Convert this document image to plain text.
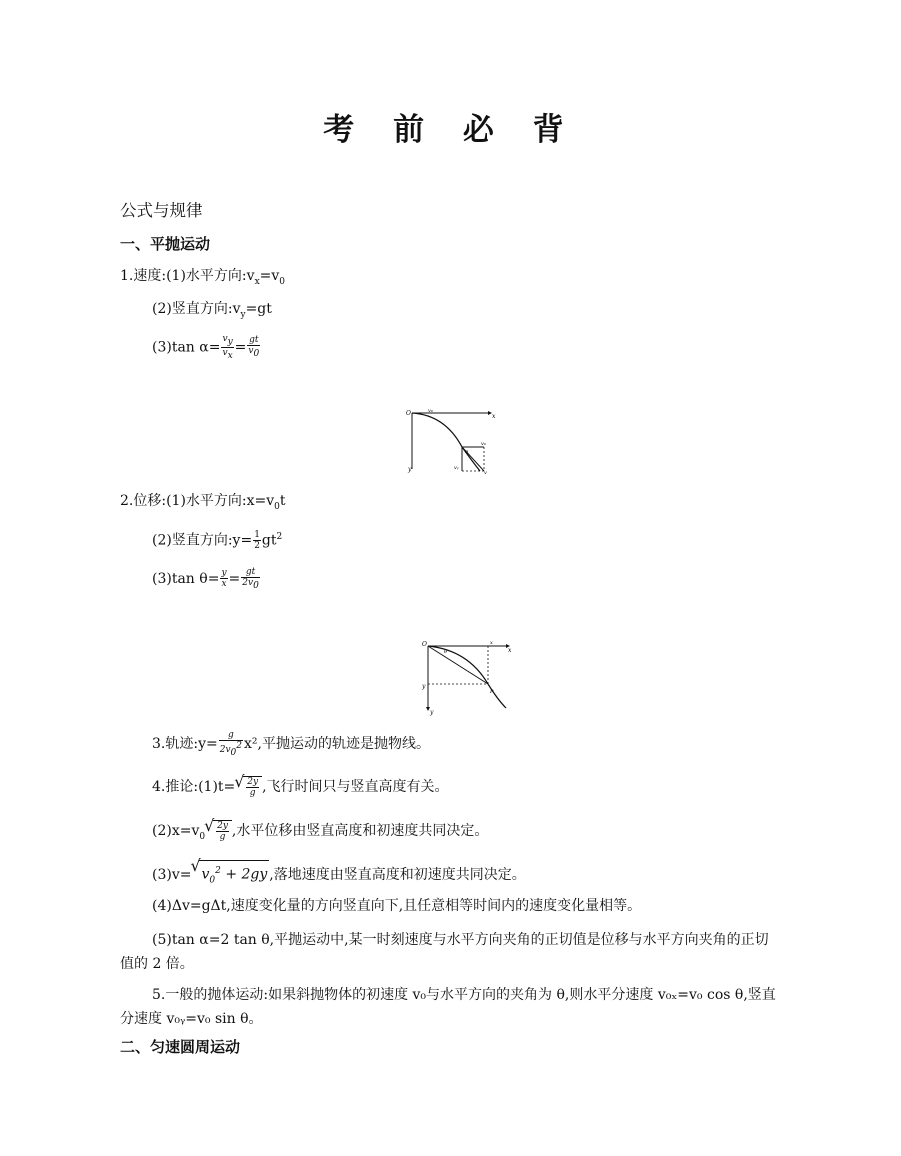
考 前 必 背
公式与规律
一、平抛运动
1.速度:(1)水平方向$:v_x=v_0$
(2)竖直方向$:v_y=gt$
(3)tan $\alpha= \frac{v_y}{v_x} = \frac{gt}{v_0}$
O	v₀
x
y
v₀
α
vᵧ
v
2.位移:(1)水平方向$:x=v_0t$
(2)竖直方向:y= $\frac{1}{2} gt^2$
(3)tan $\theta= \frac{y}{x} = \frac{gt}{2v_0}$
O	x
x
y
y
θ
P
3.轨迹:y= $\frac{g}{2v_0^2} x^2$,平抛运动的轨迹是抛物线。
4.推论:(1)t= √ $\frac{2y}{g}$ ,飞行时间只与竖直高度有关。
$(2)x=v_0$ √ $\frac{2y}{g}$ ,水平位移由竖直高度和初速度共同决定。
(3)v= √ $v_0^2 + 2gy$ ,落地速度由竖直高度和初速度共同决定。
(4)Δv=gΔt,速度变化量的方向竖直向下,且任意相等时间内的速度变化量相等。
(5)tan α=2 tan θ,平抛运动中,某一时刻速度与水平方向夹角的正切值是位移与水平方向夹角的正切值的 2 倍。
5.一般的抛体运动:如果斜抛物体的初速度 v₀与水平方向的夹角为 θ,则水平分速度 v₀ₓ=v₀ cos θ,竖直分速度 v₀ᵧ=v₀ sin θ。
二、匀速圆周运动
